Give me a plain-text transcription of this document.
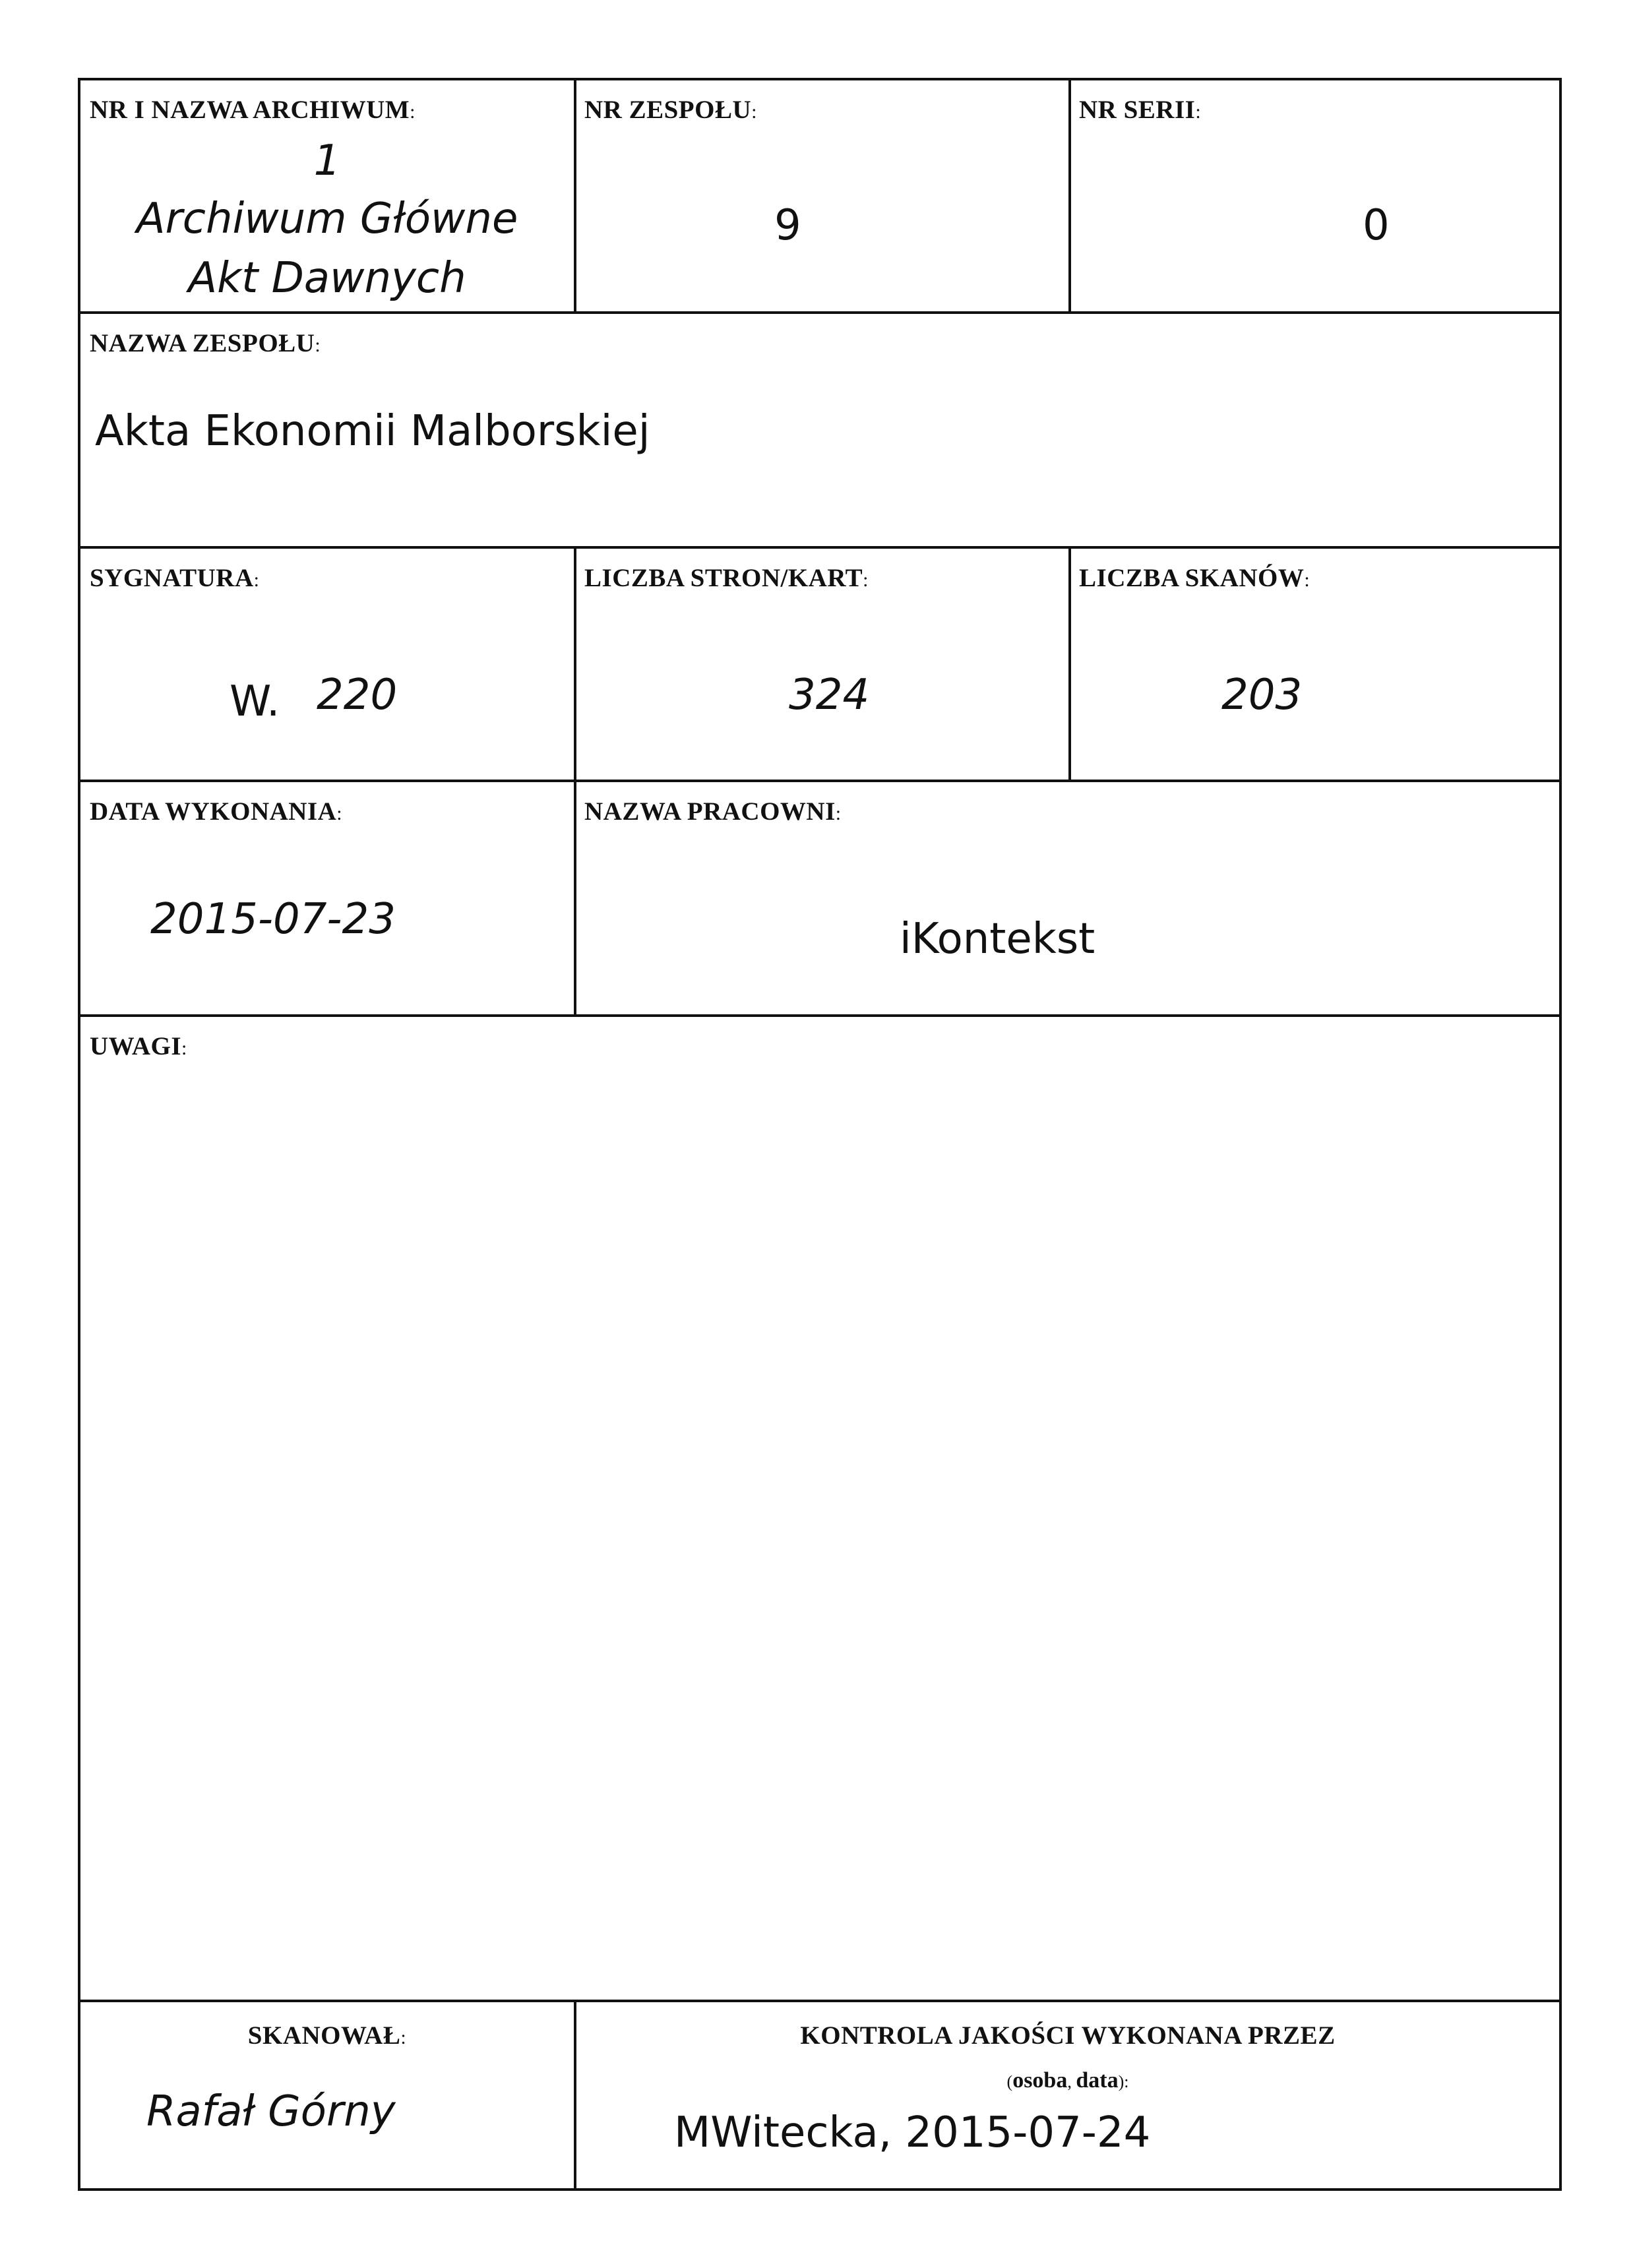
NR I NAZWA ARCHIWUM:
1
Archiwum Główne
Akt Dawnych
NR ZESPOŁU:
9
NR SERII:
0
NAZWA ZESPOŁU:
Akta Ekonomii Malborskiej
SYGNATURA:
W. 220
LICZBA STRON/KART:
324
LICZBA SKANÓW:
203
DATA WYKONANIA:
2015-07-23
NAZWA PRACOWNI:
iKontekst
UWAGI:
SKANOWAŁ:
Rafał Górny
KONTROLA JAKOŚCI WYKONANA PRZEZ
(osoba, data):
MWitecka, 2015-07-24
